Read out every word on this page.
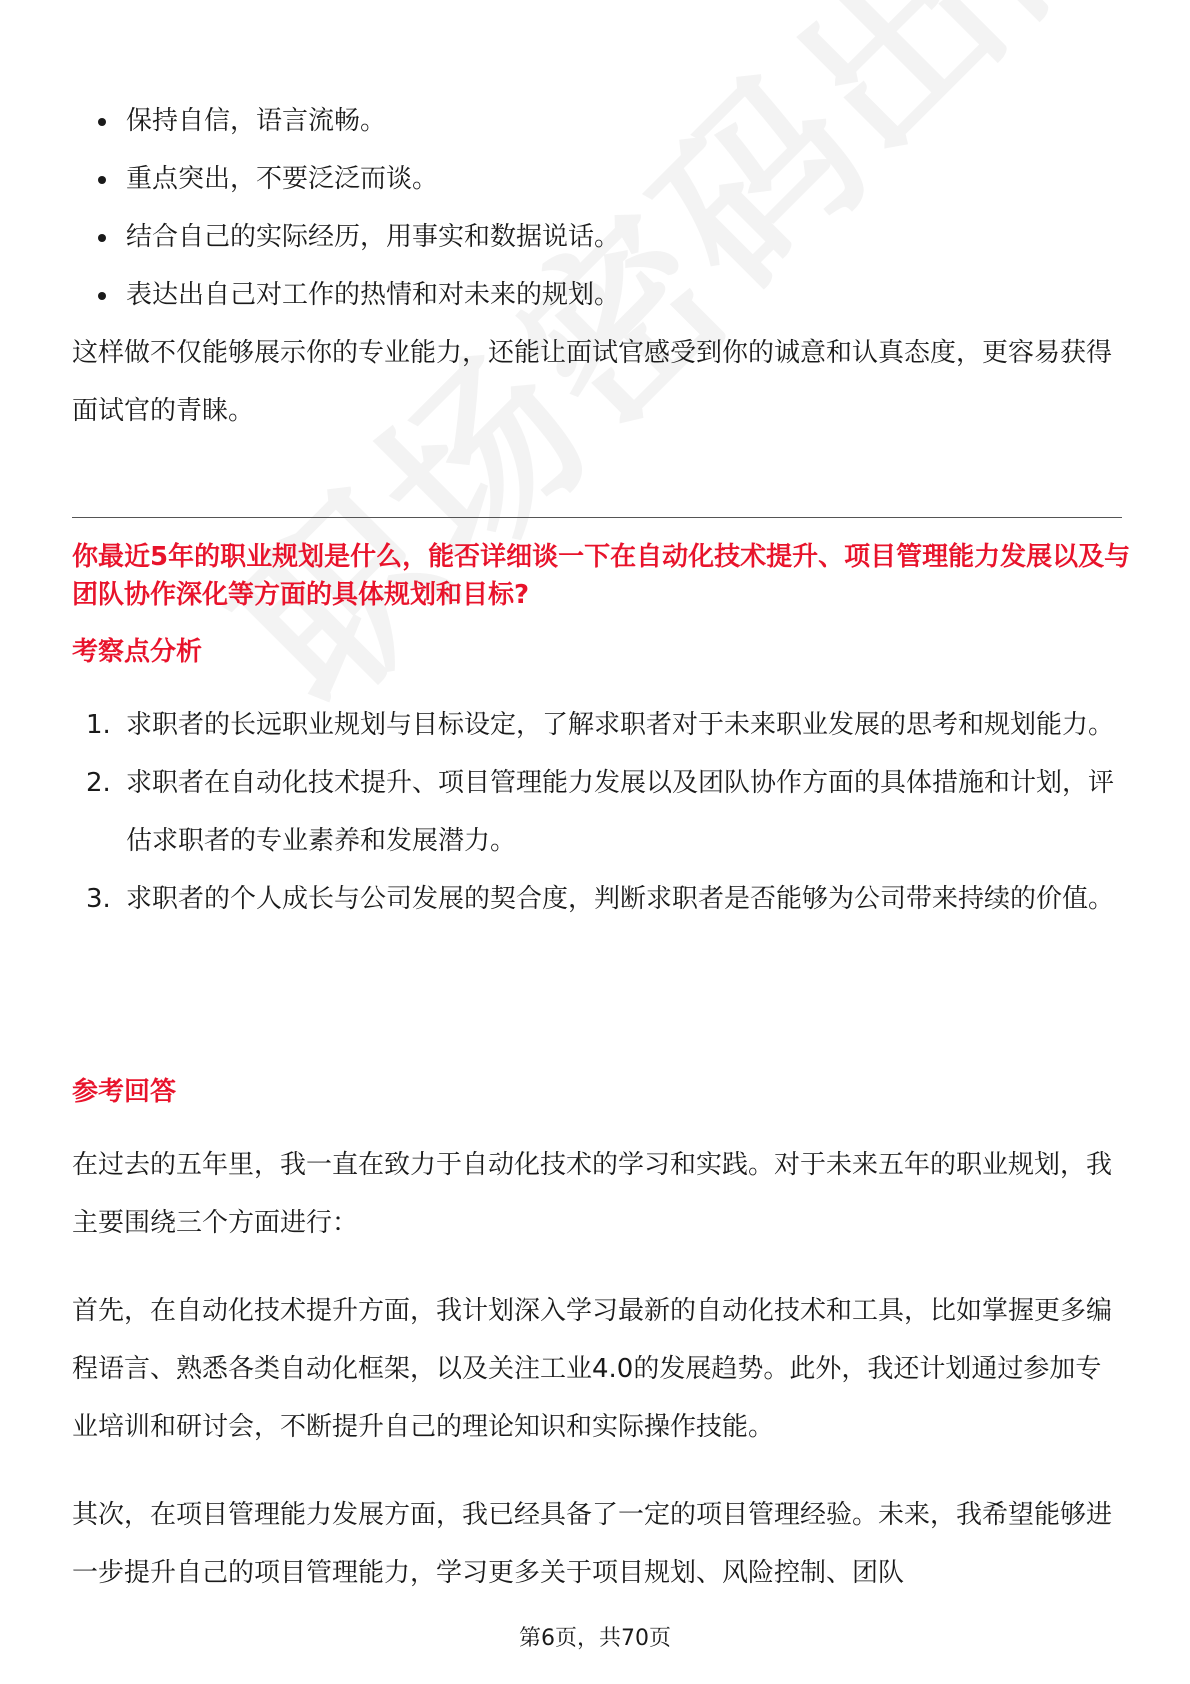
保持自信，语言流畅。
重点突出，不要泛泛而谈。
结合自己的实际经历，用事实和数据说话。
表达出自己对工作的热情和对未来的规划。

这样做不仅能够展示你的专业能力，还能让面试官感受到你的诚意和认真态度，更容易获得面试官的青睐。

你最近5年的职业规划是什么，能否详细谈一下在自动化技术提升、项目管理能力发展以及与团队协作深化等方面的具体规划和目标?

考察点分析

1. 求职者的长远职业规划与目标设定，了解求职者对于未来职业发展的思考和规划能力。
2. 求职者在自动化技术提升、项目管理能力发展以及团队协作方面的具体措施和计划，评估求职者的专业素养和发展潜力。
3. 求职者的个人成长与公司发展的契合度，判断求职者是否能够为公司带来持续的价值。

参考回答

在过去的五年里，我一直在致力于自动化技术的学习和实践。对于未来五年的职业规划，我主要围绕三个方面进行：

首先，在自动化技术提升方面，我计划深入学习最新的自动化技术和工具，比如掌握更多编程语言、熟悉各类自动化框架，以及关注工业4.0的发展趋势。此外，我还计划通过参加专业培训和研讨会，不断提升自己的理论知识和实际操作技能。

其次，在项目管理能力发展方面，我已经具备了一定的项目管理经验。未来，我希望能够进一步提升自己的项目管理能力，学习更多关于项目规划、风险控制、团队

第6页，共70页
